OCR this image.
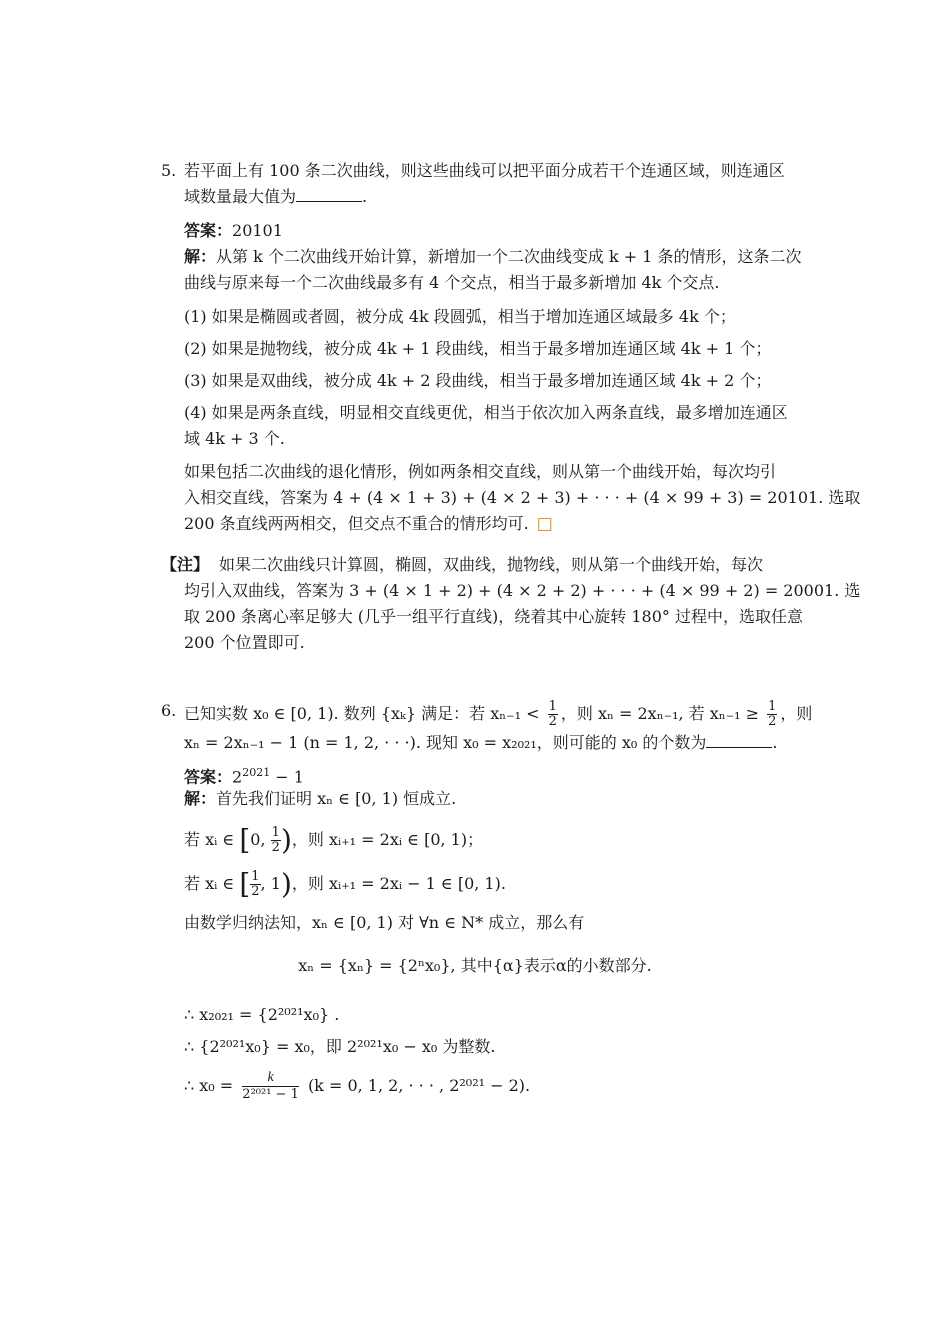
5. 若平面上有 100 条二次曲线，则这些曲线可以把平面分成若干个连通区域，则连通区
域数量最大值为	.
答案：20101
解：从第 k 个二次曲线开始计算，新增加一个二次曲线变成 k + 1 条的情形，这条二次
曲线与原来每一个二次曲线最多有 4 个交点，相当于最多新增加 4k 个交点.
(1) 如果是椭圆或者圆，被分成 4k 段圆弧，相当于增加连通区域最多 4k 个；
(2) 如果是抛物线，被分成 4k + 1 段曲线，相当于最多增加连通区域 4k + 1 个；
(3) 如果是双曲线，被分成 4k + 2 段曲线，相当于最多增加连通区域 4k + 2 个；
(4) 如果是两条直线，明显相交直线更优，相当于依次加入两条直线，最多增加连通区
域 4k + 3 个.
如果包括二次曲线的退化情形，例如两条相交直线，则从第一个曲线开始，每次均引
入相交直线，答案为 4 + (4 × 1 + 3) + (4 × 2 + 3) + · · · + (4 × 99 + 3) = 20101. 选取
200 条直线两两相交，但交点不重合的情形均可. □
【注】 如果二次曲线只计算圆，椭圆，双曲线，抛物线，则从第一个曲线开始，每次
均引入双曲线，答案为 3 + (4 × 1 + 2) + (4 × 2 + 2) + · · · + (4 × 99 + 2) = 20001. 选
取 200 条离心率足够大 (几乎一组平行直线)，绕着其中心旋转 180° 过程中，选取任意
200 个位置即可.
6. 已知实数 x₀ ∈ [0, 1). 数列 {xₖ} 满足：若 $x_{n-1} < \frac{1}{2}$ ，则 xₙ = 2xₙ₋₁, 若 $x_{n-1} \ge \frac{1}{2}$ ，则
xₙ = 2xₙ₋₁ − 1 (n = 1, 2, · · ·). 现知 x₀ = x₂₀₂₁，则可能的 x₀ 的个数为	.
答案：$2^{2021} - 1$
解：首先我们证明 xₙ ∈ [0, 1) 恒成立.
若 xᵢ ∈ [0, $\frac{1}{2}$ )，则 xᵢ₊₁ = 2xᵢ ∈ [0, 1)；
若 xᵢ ∈ [ $\frac{1}{2}$ , 1)，则 xᵢ₊₁ = 2xᵢ − 1 ∈ [0, 1).
由数学归纳法知，xₙ ∈ [0, 1) 对 ∀n ∈ N* 成立，那么有
xₙ = {xₙ} = {2ⁿx₀}, 其中{α}表示α的小数部分.
∴ x₂₀₂₁ = {2²⁰²¹x₀} .
∴ {2²⁰²¹x₀} = x₀，即 2²⁰²¹x₀ − x₀ 为整数.
∴ $x_0 = \frac{k}{\text{2²⁰²¹ − 1}} (k = 0$, 1, 2, · · · , 2²⁰²¹ − 2).
